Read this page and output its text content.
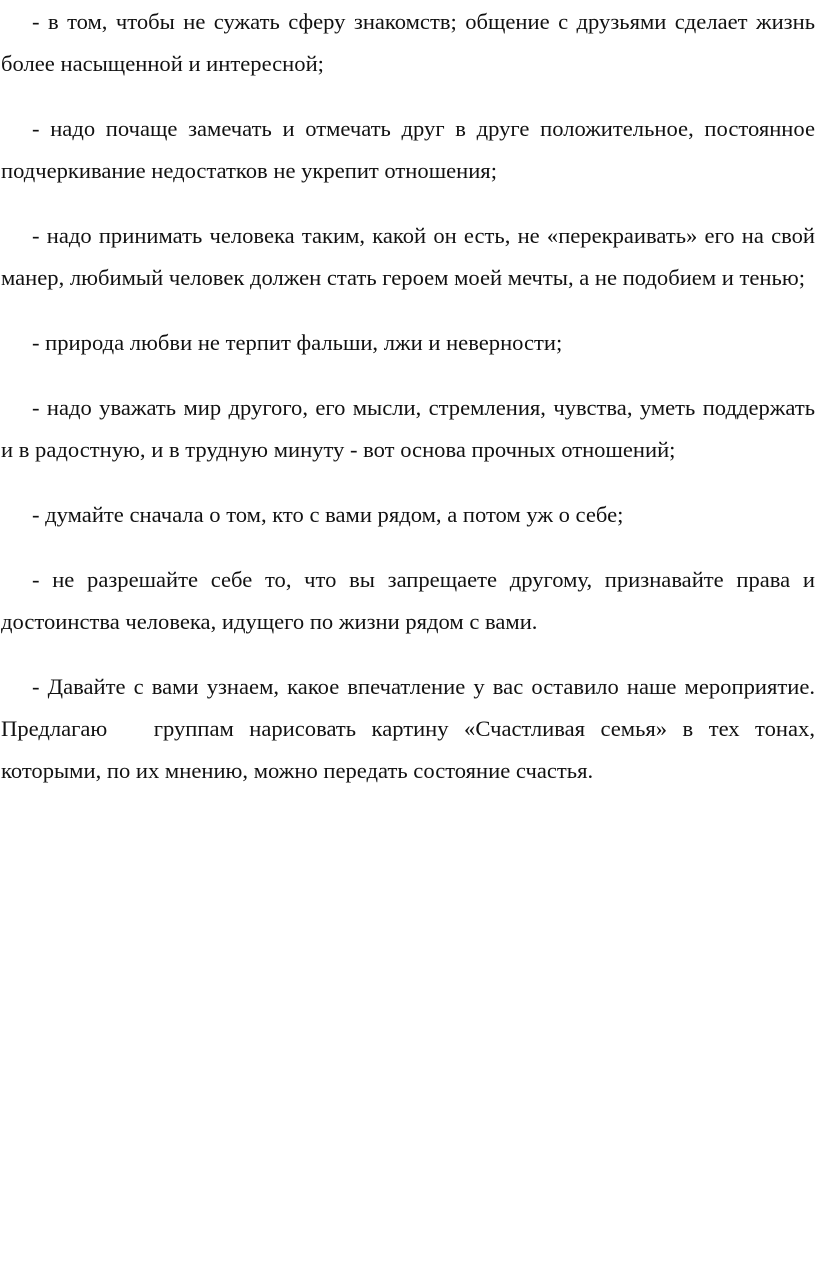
- в том, чтобы не сужать сферу знакомств; общение с друзьями сделает жизнь более насыщенной и интересной;

- надо почаще замечать и отмечать друг в друге положительное, постоянное подчеркивание недостатков не укрепит отношения;

- надо принимать человека таким, какой он есть, не «перекраивать» его на свой манер, любимый человек должен стать героем моей мечты, а не подобием и тенью;

- природа любви не терпит фальши, лжи и неверности;

- надо уважать мир другого, его мысли, стремления, чувства, уметь поддержать и в радостную, и в трудную минуту - вот основа прочных отношений;

- думайте сначала о том, кто с вами рядом, а потом уж о себе;

- не разрешайте себе то, что вы запрещаете другому, признавайте права и достоинства человека, идущего по жизни рядом с вами.

- Давайте с вами узнаем, какое впечатление у вас оставило наше мероприятие. Предлагаю   группам нарисовать картину «Счастливая семья» в тех тонах, которыми, по их мнению, можно передать состояние счастья.
